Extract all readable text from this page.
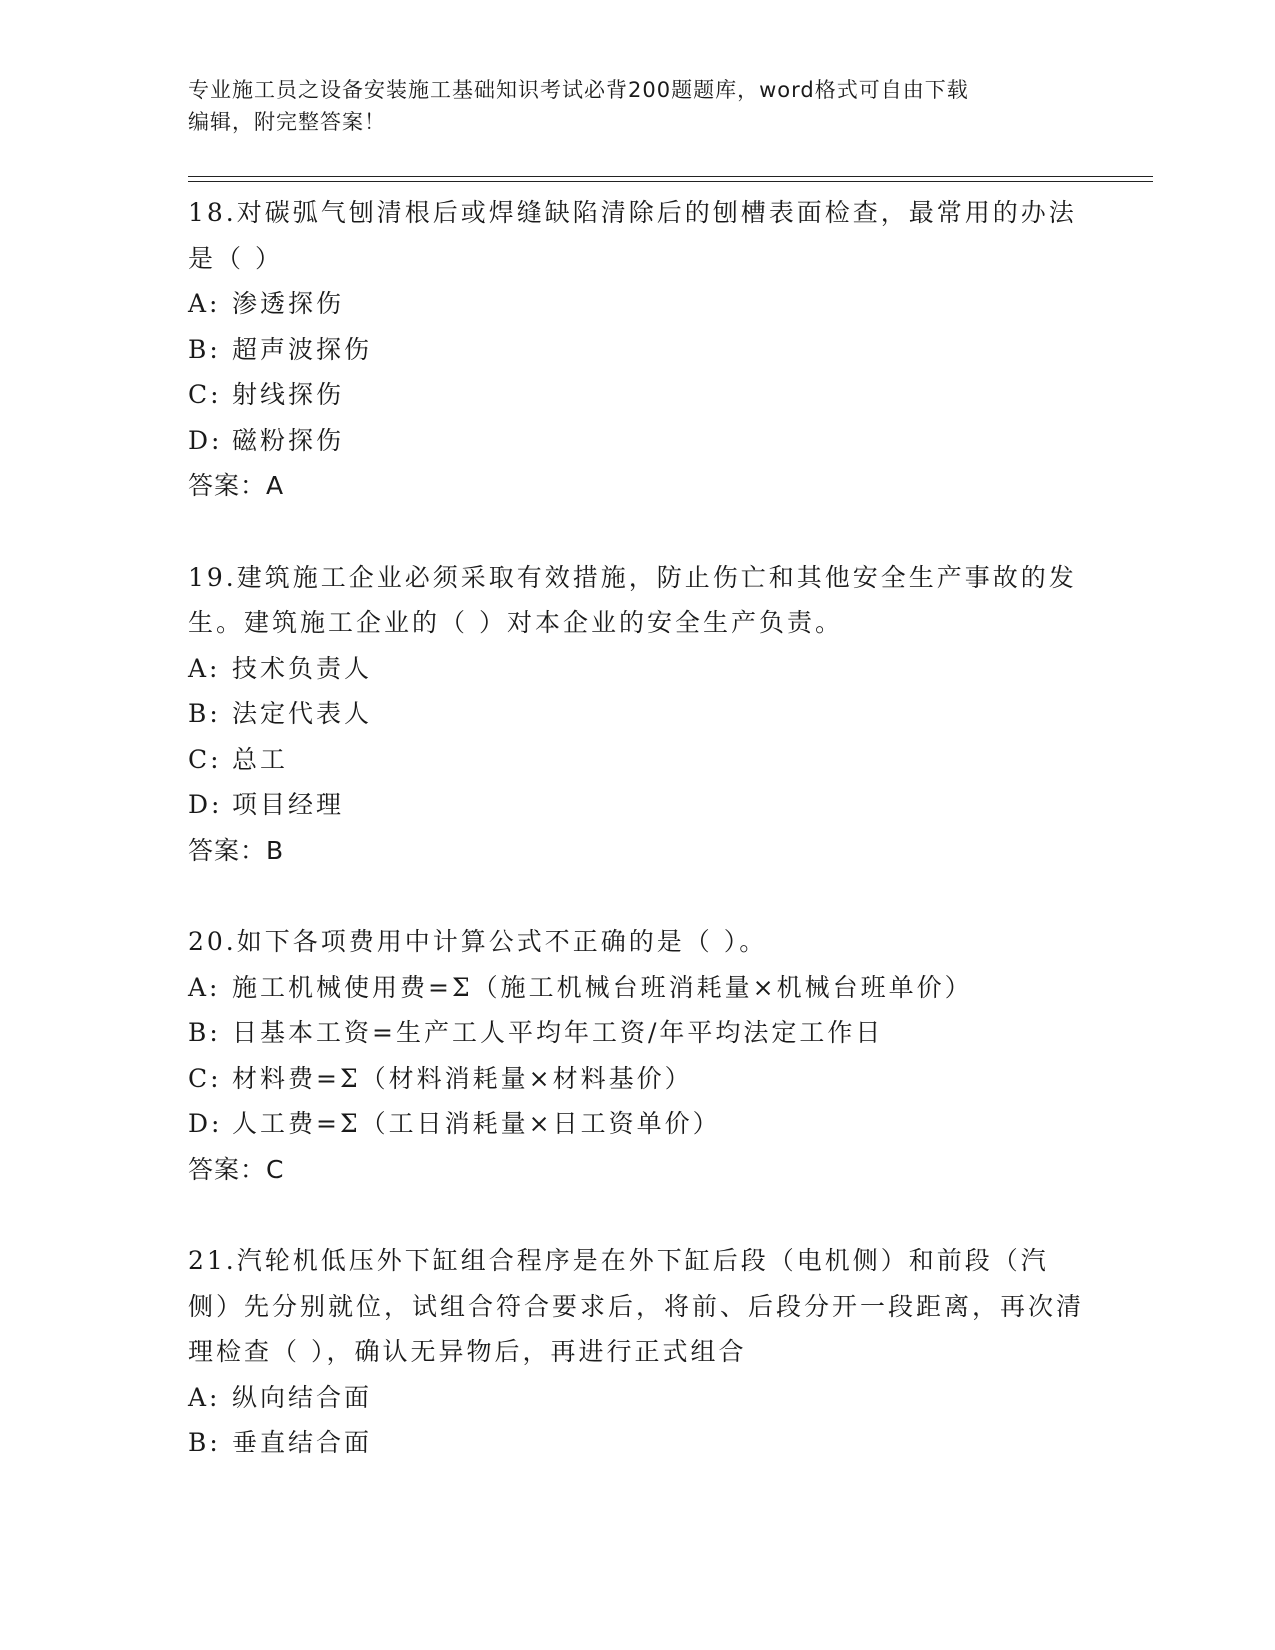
专业施工员之设备安装施工基础知识考试必背200题题库，word格式可自由下载
编辑，附完整答案！

18.对碳弧气刨清根后或焊缝缺陷清除后的刨槽表面检查，最常用的办法是（ ）

A: 渗透探伤

B: 超声波探伤

C: 射线探伤

D: 磁粉探伤

答案：A

19.建筑施工企业必须采取有效措施，防止伤亡和其他安全生产事故的发生。建筑施工企业的（ ）对本企业的安全生产负责。

A: 技术负责人

B: 法定代表人

C: 总工

D: 项目经理

答案：B

20.如下各项费用中计算公式不正确的是（ ）。

A: 施工机械使用费=Σ（施工机械台班消耗量×机械台班单价）

B: 日基本工资=生产工人平均年工资/年平均法定工作日

C: 材料费=Σ（材料消耗量×材料基价）

D: 人工费=Σ（工日消耗量×日工资单价）

答案：C

21.汽轮机低压外下缸组合程序是在外下缸后段（电机侧）和前段（汽侧）先分别就位，试组合符合要求后，将前、后段分开一段距离，再次清理检查（ ），确认无异物后，再进行正式组合

A: 纵向结合面

B: 垂直结合面
